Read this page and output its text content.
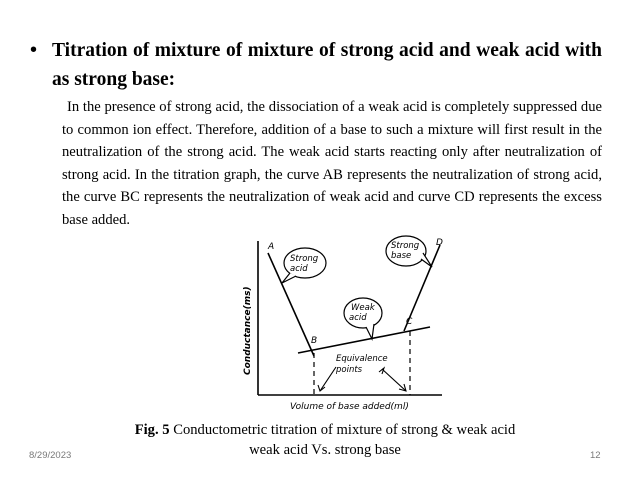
• Titration of mixture of mixture of strong acid and weak acid with as strong base:
In the presence of strong acid, the dissociation of a weak acid is completely suppressed due to common ion effect. Therefore, addition of a base to such a mixture will first result in the neutralization of the strong acid. The weak acid starts reacting only after neutralization of strong acid. In the titration graph, the curve AB represents the neutralization of strong acid, the curve BC represents the neutralization of weak acid and curve CD represents the excess base added.
A
B
C
D
Strong
acid
Strong
base
Weak
acid
Equivalence
points
Conductance(ms)
Volume of base added(ml)
Fig. 5 Conductometric titration of mixture of strong & weak acid
weak acid Vs. strong base
8/29/2023	12
